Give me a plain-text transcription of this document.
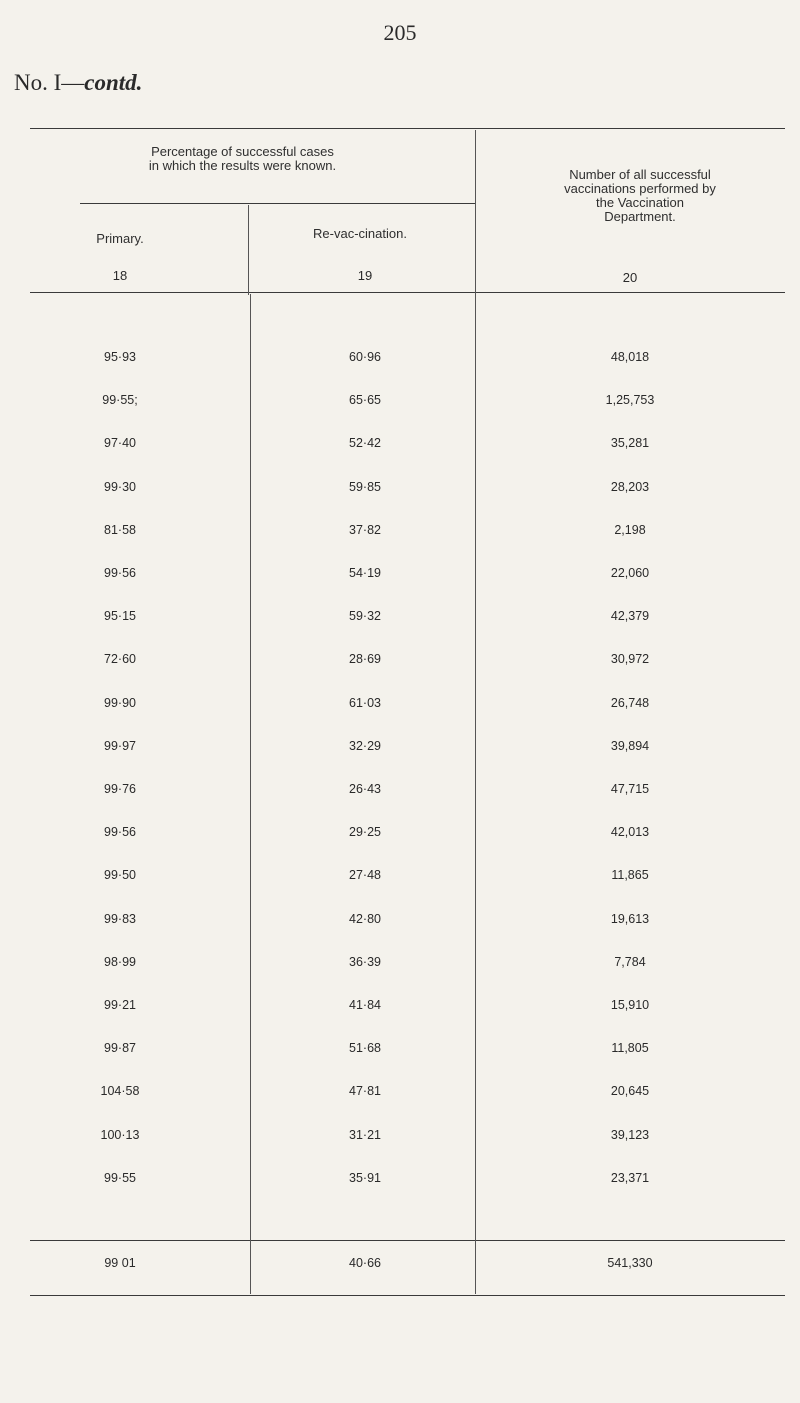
205
No. I—contd.
Percentage of successful cases in which the results were known.
Number of all successful vaccinations performed by the Vaccination Department.
Primary.	Re-vac-cination.
18	19	20
95·93	60·96	48,018
99·55;	65·65	1,25,753
97·40	52·42	35,281
99·30	59·85	28,203
81·58	37·82	2,198
99·56	54·19	22,060
95·15	59·32	42,379
72·60	28·69	30,972
99·90	61·03	26,748
99·97	32·29	39,894
99·76	26·43	47,715
99·56	29·25	42,013
99·50	27·48	11,865
99·83	42·80	19,613
98·99	36·39	7,784
99·21	41·84	15,910
99·87	51·68	11,805
104·58	47·81	20,645
100·13	31·21	39,123
99·55	35·91	23,371
99 01	40·66	541,330
